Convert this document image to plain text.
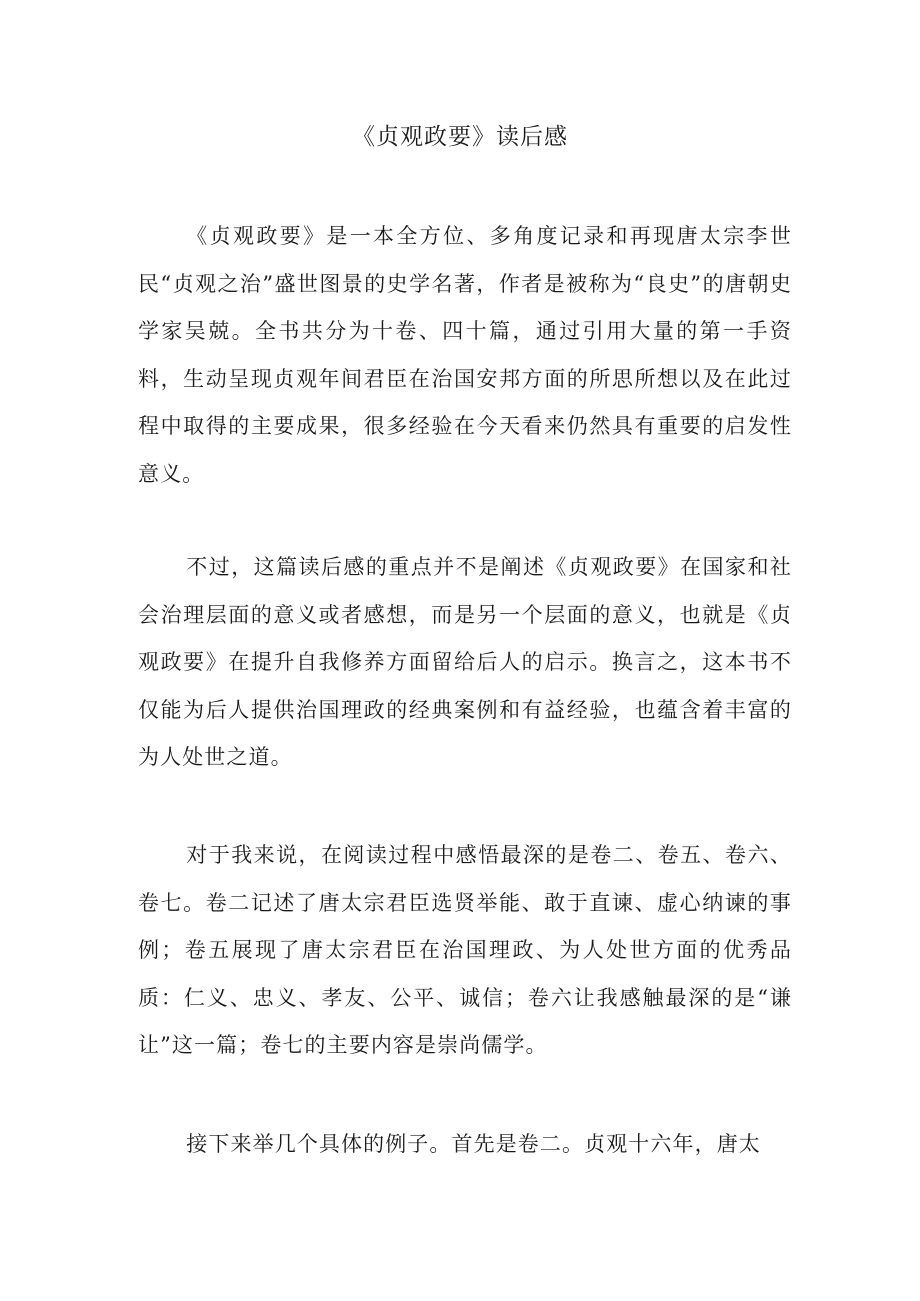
《贞观政要》读后感

《贞观政要》是一本全方位、多角度记录和再现唐太宗李世民“贞观之治”盛世图景的史学名著，作者是被称为“良史”的唐朝史学家吴兢。全书共分为十卷、四十篇，通过引用大量的第一手资料，生动呈现贞观年间君臣在治国安邦方面的所思所想以及在此过程中取得的主要成果，很多经验在今天看来仍然具有重要的启发性意义。

不过，这篇读后感的重点并不是阐述《贞观政要》在国家和社会治理层面的意义或者感想，而是另一个层面的意义，也就是《贞观政要》在提升自我修养方面留给后人的启示。换言之，这本书不仅能为后人提供治国理政的经典案例和有益经验，也蕴含着丰富的为人处世之道。

对于我来说，在阅读过程中感悟最深的是卷二、卷五、卷六、卷七。卷二记述了唐太宗君臣选贤举能、敢于直谏、虚心纳谏的事例；卷五展现了唐太宗君臣在治国理政、为人处世方面的优秀品质：仁义、忠义、孝友、公平、诚信；卷六让我感触最深的是“谦让”这一篇；卷七的主要内容是崇尚儒学。

接下来举几个具体的例子。首先是卷二。贞观十六年，唐太
